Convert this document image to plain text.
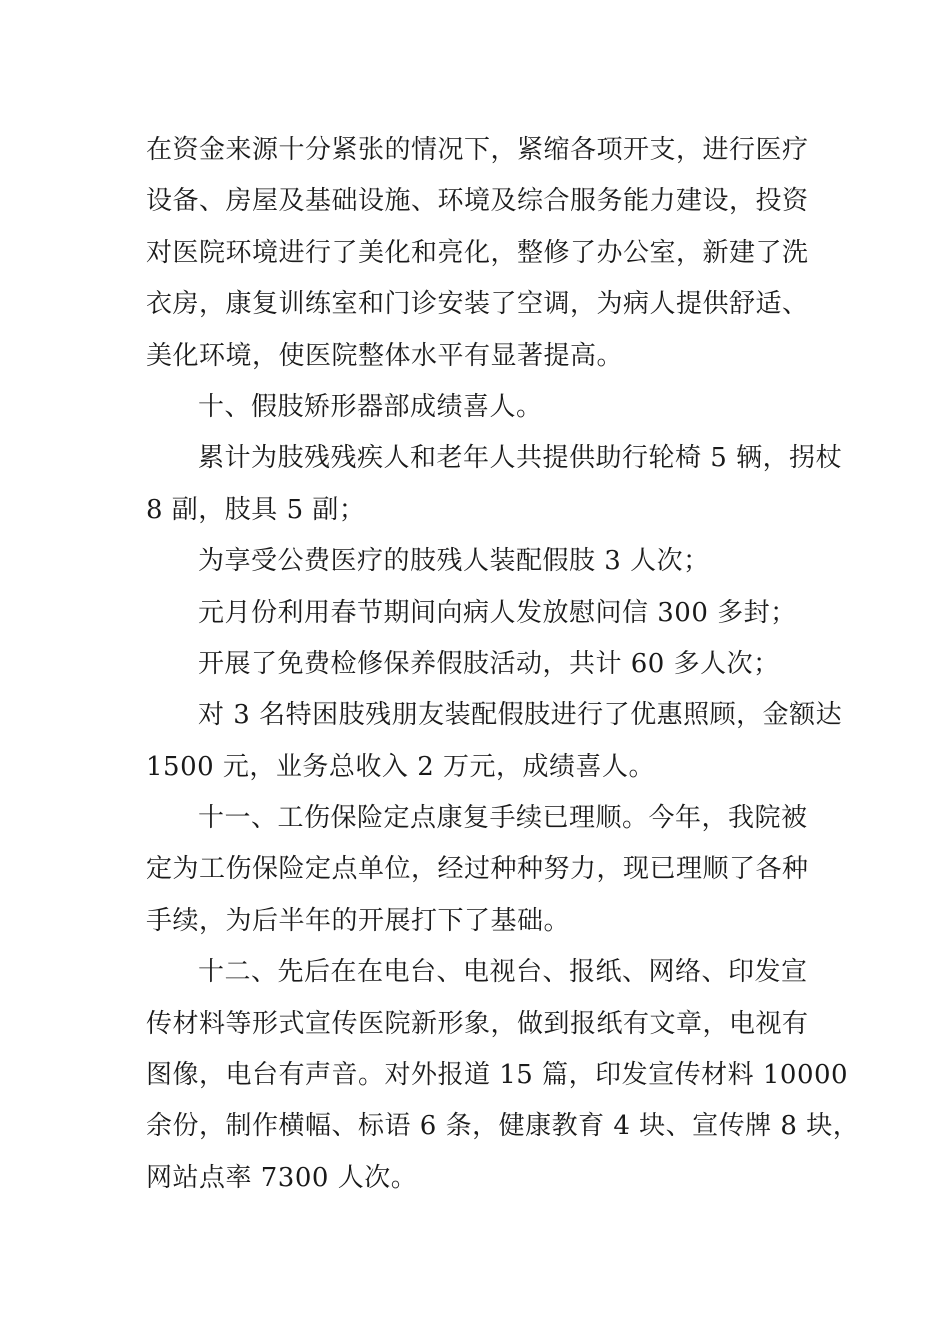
在资金来源十分紧张的情况下，紧缩各项开支，进行医疗
设备、房屋及基础设施、环境及综合服务能力建设，投资
对医院环境进行了美化和亮化，整修了办公室，新建了洗
衣房，康复训练室和门诊安装了空调，为病人提供舒适、
美化环境，使医院整体水平有显著提高。
十、假肢矫形器部成绩喜人。
累计为肢残残疾人和老年人共提供助行轮椅 5 辆，拐杖
8 副，肢具 5 副；
为享受公费医疗的肢残人装配假肢 3 人次；
元月份利用春节期间向病人发放慰问信 300 多封；
开展了免费检修保养假肢活动，共计 60 多人次；
对 3 名特困肢残朋友装配假肢进行了优惠照顾，金额达
1500 元，业务总收入 2 万元，成绩喜人。
十一、工伤保险定点康复手续已理顺。今年，我院被
定为工伤保险定点单位，经过种种努力，现已理顺了各种
手续，为后半年的开展打下了基础。
十二、先后在在电台、电视台、报纸、网络、印发宣
传材料等形式宣传医院新形象，做到报纸有文章，电视有
图像，电台有声音。对外报道 15 篇，印发宣传材料 10000
余份，制作横幅、标语 6 条，健康教育 4 块、宣传牌 8 块，
网站点率 7300 人次。
